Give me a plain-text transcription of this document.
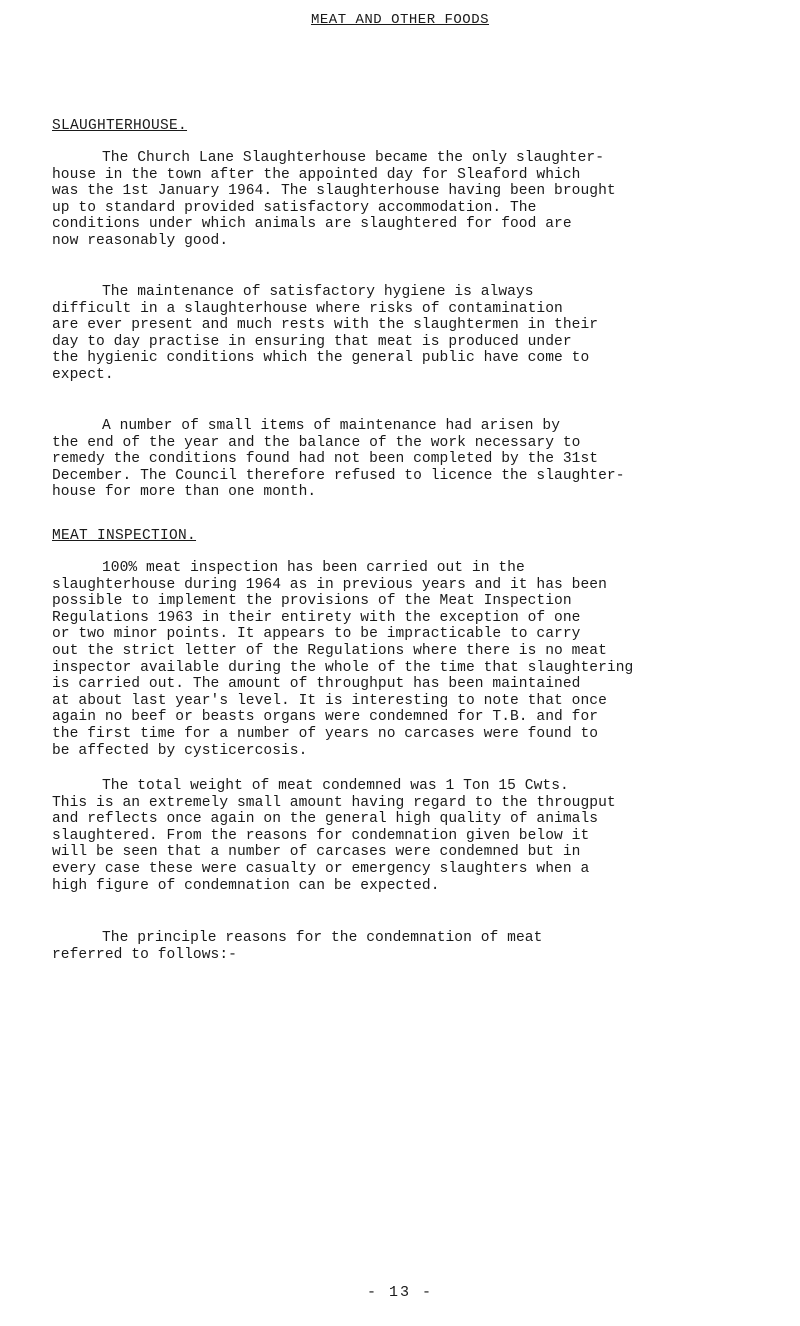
MEAT AND OTHER FOODS
SLAUGHTERHOUSE.
The Church Lane Slaughterhouse became the only slaughter-
house in the town after the appointed day for Sleaford which
was the 1st January 1964. The slaughterhouse having been brought
up to standard provided satisfactory accommodation. The
conditions under which animals are slaughtered for food are
now reasonably good.
The maintenance of satisfactory hygiene is always
difficult in a slaughterhouse where risks of contamination
are ever present and much rests with the slaughtermen in their
day to day practise in ensuring that meat is produced under
the hygienic conditions which the general public have come to
expect.
A number of small items of maintenance had arisen by
the end of the year and the balance of the work necessary to
remedy the conditions found had not been completed by the 31st
December. The Council therefore refused to licence the slaughter-
house for more than one month.
MEAT INSPECTION.
100% meat inspection has been carried out in the
slaughterhouse during 1964 as in previous years and it has been
possible to implement the provisions of the Meat Inspection
Regulations 1963 in their entirety with the exception of one
or two minor points. It appears to be impracticable to carry
out the strict letter of the Regulations where there is no meat
inspector available during the whole of the time that slaughtering
is carried out. The amount of throughput has been maintained
at about last year's level. It is interesting to note that once
again no beef or beasts organs were condemned for T.B. and for
the first time for a number of years no carcases were found to
be affected by cysticercosis.
The total weight of meat condemned was 1 Ton 15 Cwts.
This is an extremely small amount having regard to the througput
and reflects once again on the general high quality of animals
slaughtered. From the reasons for condemnation given below it
will be seen that a number of carcases were condemned but in
every case these were casualty or emergency slaughters when a
high figure of condemnation can be expected.
The principle reasons for the condemnation of meat
referred to follows:-
- 13 -
